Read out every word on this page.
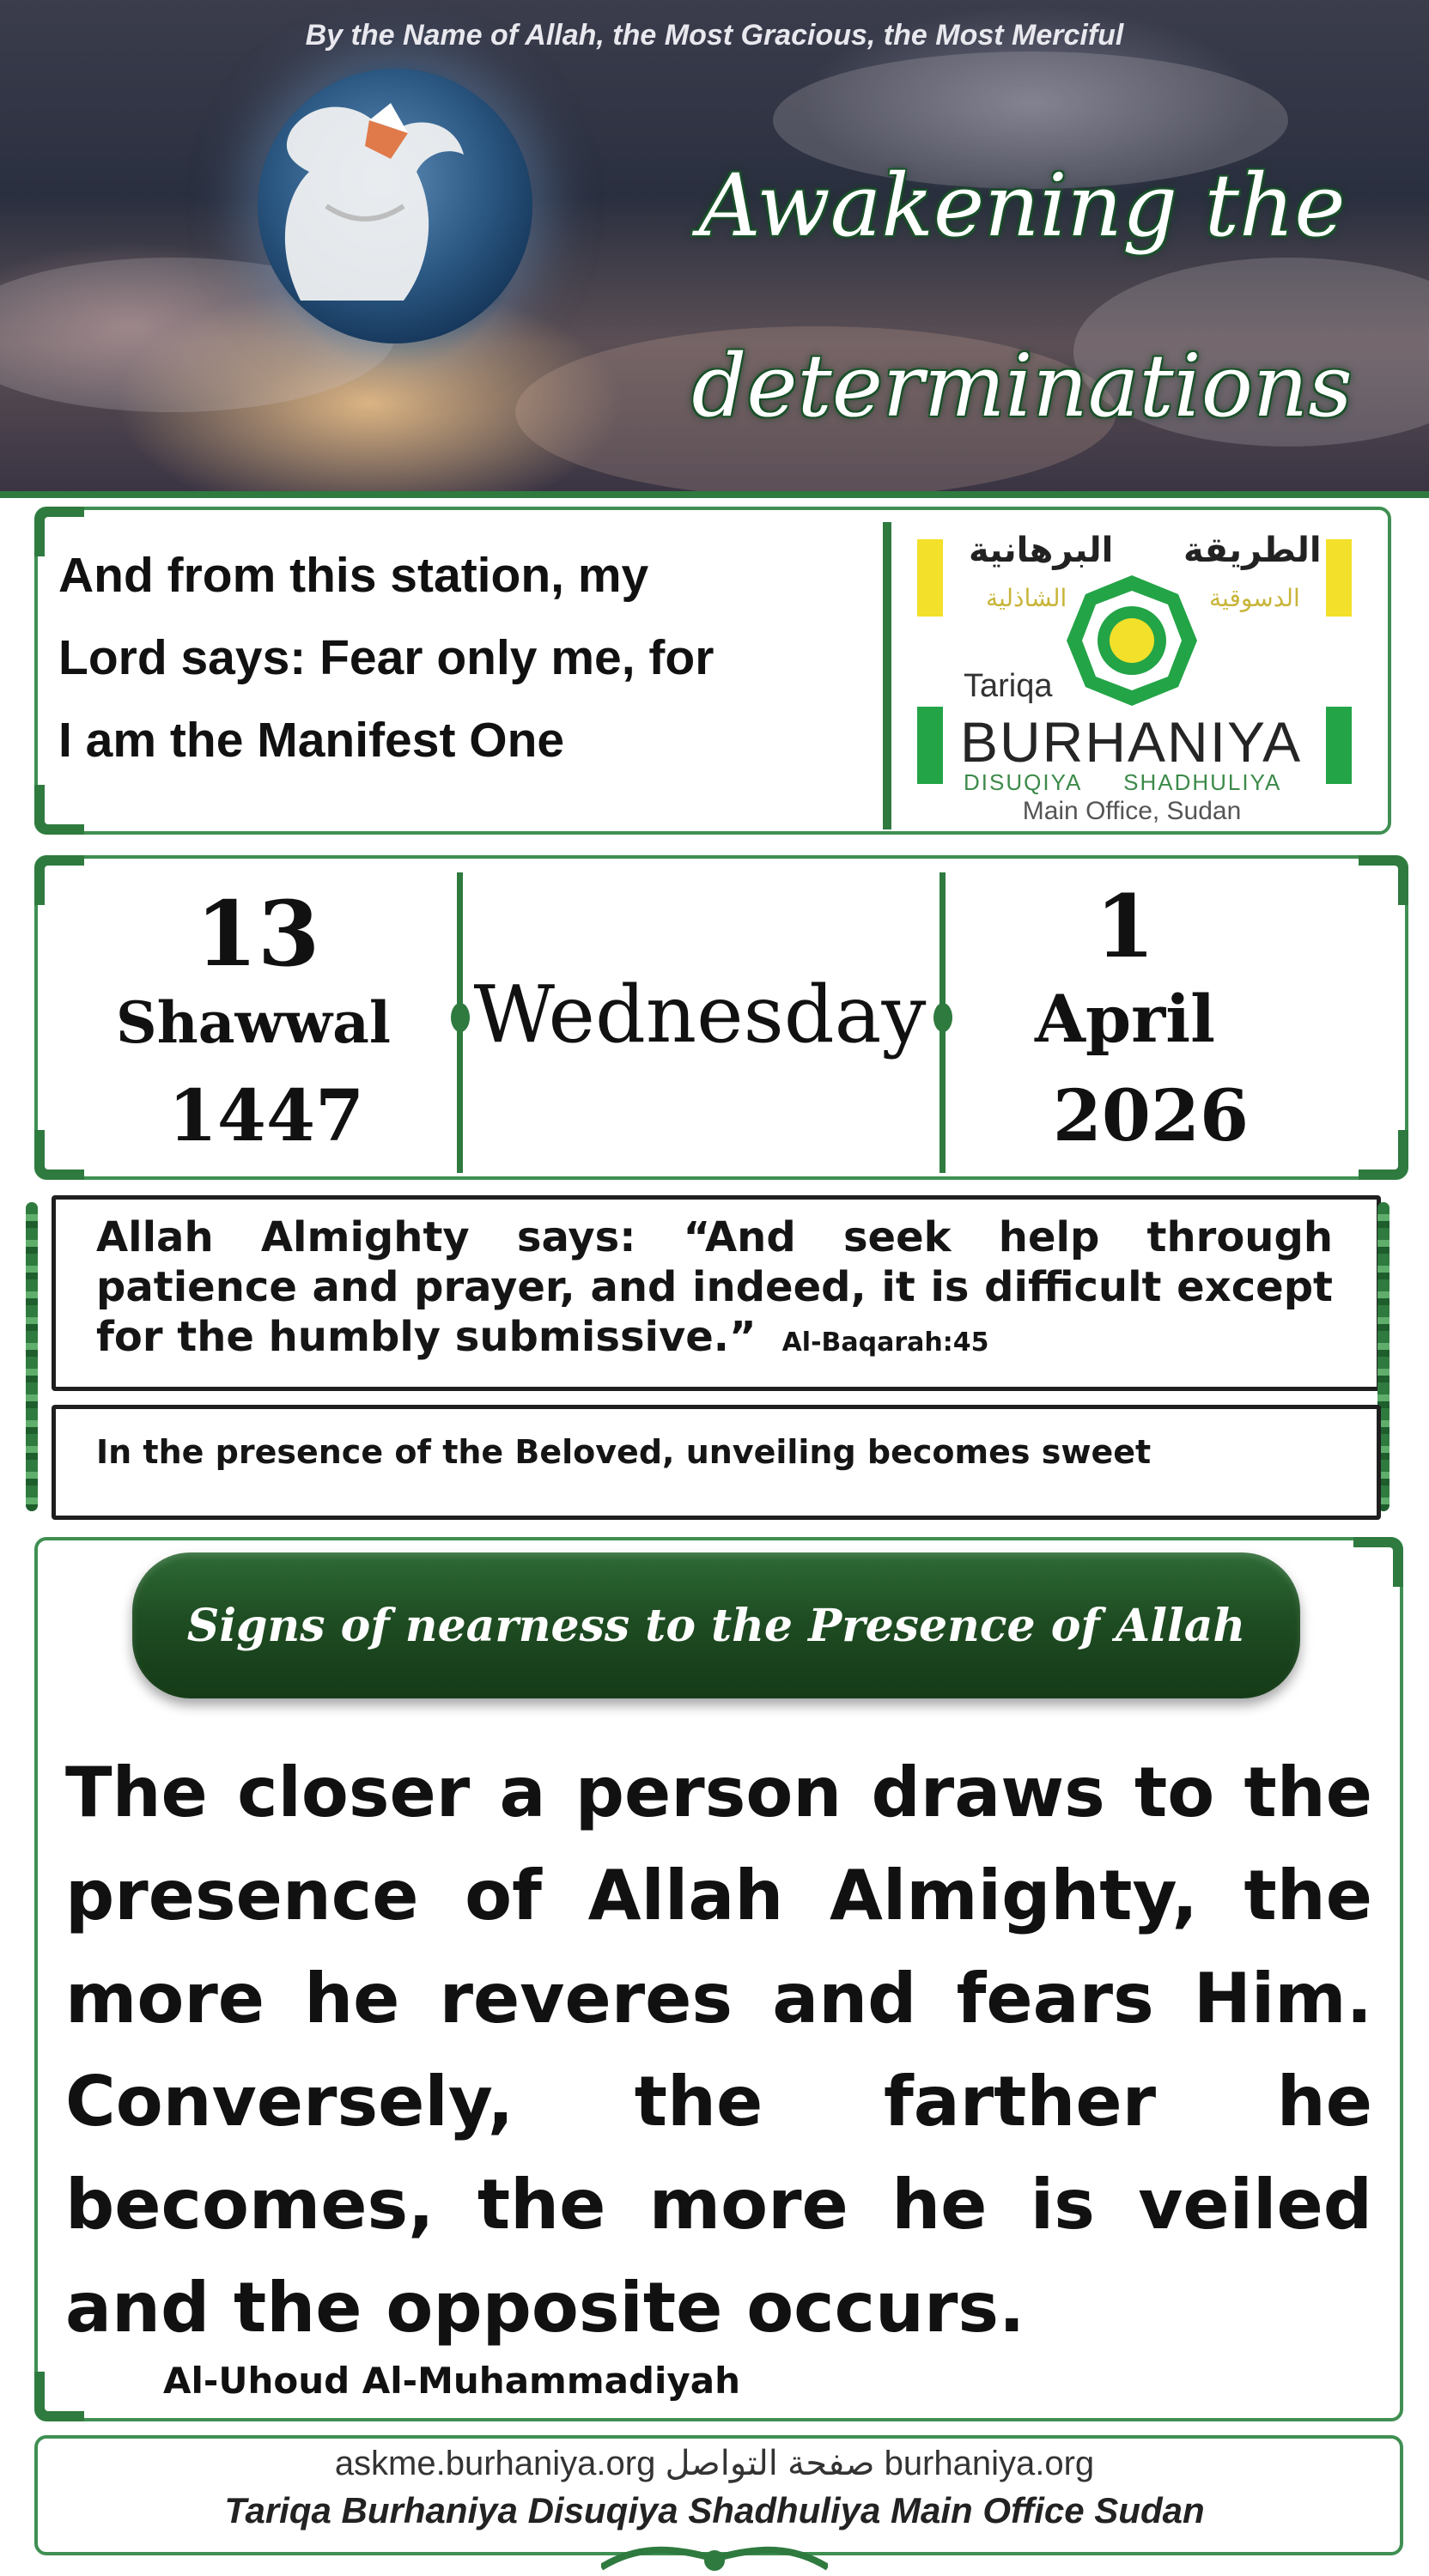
By the Name of Allah, the Most Gracious, the Most Merciful
Awakening the
determinations
And from this station, my
Lord says: Fear only me, for
I am the Manifest One
الطريقة
البرهانية
الشاذلية	الدسوقية
Tariqa
BURHANIYA
DISUQIYA SHADHULIYA
Main Office, Sudan
13
Shawwal
1447
Wednesday
1
April
2026
Allah Almighty says: “And seek help through patience and prayer, and indeed, it is difficult except for the humbly submissive.” Al-Baqarah:45
In the presence of the Beloved, unveiling becomes sweet
Signs of nearness to the Presence of Allah
The closer a person draws to the presence of Allah Almighty, the more he reveres and fears Him. Conversely, the farther he becomes, the more he is veiled and the opposite occurs.
Al-Uhoud Al-Muhammadiyah
askme.burhaniya.org صفحة التواصل burhaniya.org
Tariqa Burhaniya Disuqiya Shadhuliya Main Office Sudan
